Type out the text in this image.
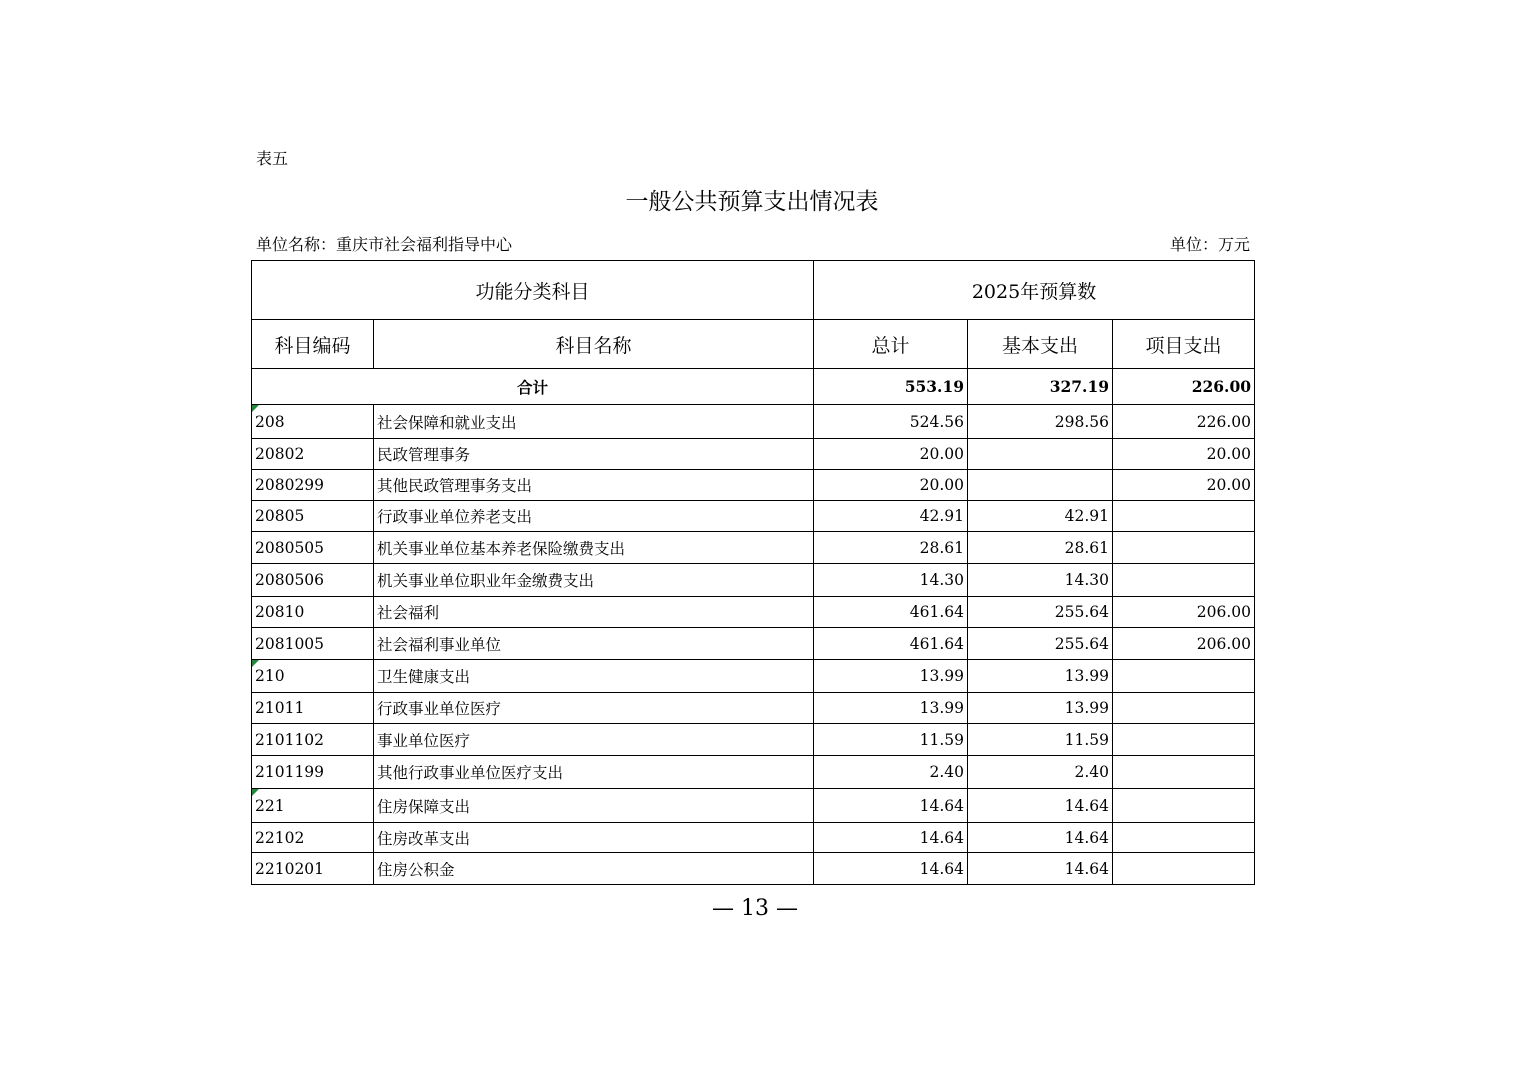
表五
一般公共预算支出情况表
单位名称：重庆市社会福利指导中心	单位：万元
功能分类科目		2025年预算数		
科目编码	科目名称	总计	基本支出	项目支出
合计		553.19	327.19	226.00

208	社会保障和就业支出	524.56	298.56	226.00
20802	民政管理事务	20.00		20.00
2080299	其他民政管理事务支出	20.00		20.00
20805	行政事业单位养老支出	42.91	42.91	
2080505	机关事业单位基本养老保险缴费支出	28.61	28.61	
2080506	机关事业单位职业年金缴费支出	14.30	14.30	
20810	社会福利	461.64	255.64	206.00
2081005	社会福利事业单位	461.64	255.64	206.00

210	卫生健康支出	13.99	13.99	
21011	行政事业单位医疗	13.99	13.99	
2101102	事业单位医疗	11.59	11.59	
2101199	其他行政事业单位医疗支出	2.40	2.40	

221	住房保障支出	14.64	14.64	
22102	住房改革支出	14.64	14.64	
2210201	住房公积金	14.64	14.64	
— 13 —
